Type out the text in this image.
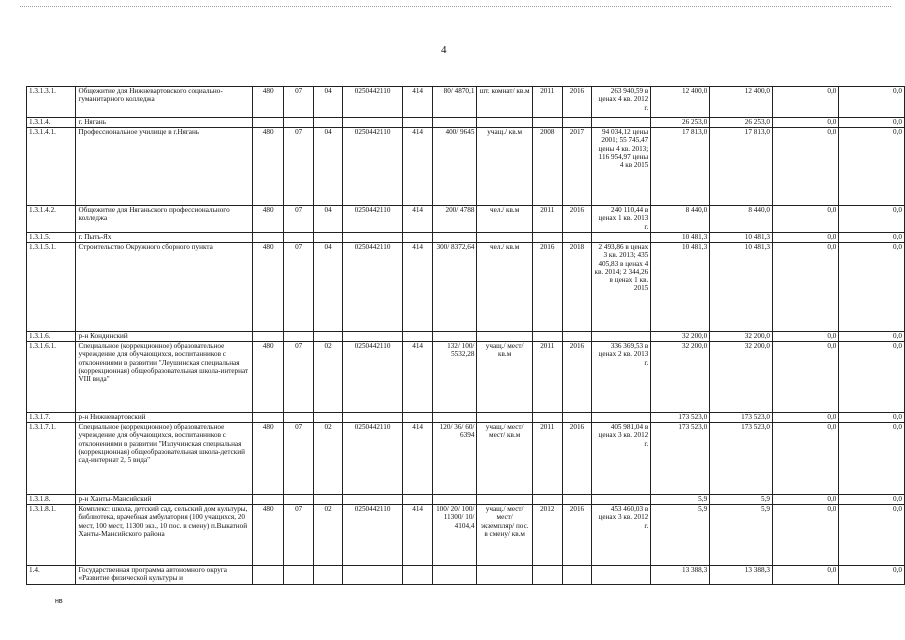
4
1.3.1.3.1.	Общежитие для Нижневартовского социально-гуманитарного колледжа	480	07	04	0250442110	414	80/ 4870,1	шт. комнат/ кв.м	2011	2016	263 940,59 в ценах 4 кв. 2012 г.	12 400,0	12 400,0	0,0	0,0
1.3.1.4.	г. Нягань											26 253,0	26 253,0	0,0	0,0
1.3.1.4.1.	Профессиональное училище в г.Нягань	480	07	04	0250442110	414	400/ 9645	учащ./ кв.м	2008	2017	94 034,12 цены 2001; 55 745,47 цены 4 кв. 2013; 116 954,97 цены 4 кв 2015	17 813,0	17 813,0	0,0	0,0
1.3.1.4.2.	Общежитие для Няганьского профессионального колледжа	480	07	04	0250442110	414	200/ 4788	чел./ кв.м	2011	2016	240 110,44 в ценах 1 кв. 2013 г.	8 440,0	8 440,0	0,0	0,0
1.3.1.5.	г. Пыть-Ях											10 481,3	10 481,3	0,0	0,0
1.3.1.5.1.	Строительство Окружного сборного пункта	480	07	04	0250442110	414	300/ 8372,64	чел./ кв.м	2016	2018	2 493,86 в ценах 3 кв. 2013; 435 405,83 в ценах 4 кв. 2014; 2 344,26 в ценах 1 кв. 2015	10 481,3	10 481,3	0,0	0,0
1.3.1.6.	р-н Кондинский											32 200,0	32 200,0	0,0	0,0
1.3.1.6.1.	Специальное (коррекционное) образовательное учреждение для обучающихся, воспитанников с отклонениями в развитии "Леушинская специальная (коррекционная) общеобразовательная школа-интернат VIII вида"	480	07	02	0250442110	414	132/ 100/ 5532,28	учащ./ мест/ кв.м	2011	2016	336 369,53 в ценах 2 кв. 2013 г.	32 200,0	32 200,0	0,0	0,0
1.3.1.7.	р-н Нижневартовский											173 523,0	173 523,0	0,0	0,0
1.3.1.7.1.	Специальное (коррекционное) образовательное учреждение для обучающихся, воспитанников с отклонениями в развитии "Излучинская специальная (коррекционная) общеобразовательная школа-детский сад-интернат 2, 5 вида"	480	07	02	0250442110	414	120/ 36/ 60/ 6394	учащ./ мест/ мест/ кв.м	2011	2016	405 981,04 в ценах 3 кв. 2012 г.	173 523,0	173 523,0	0,0	0,0
1.3.1.8.	р-н Ханты-Мансийский											5,9	5,9	0,0	0,0
1.3.1.8.1.	Комплекс: школа, детский сад, сельский дом культуры, библиотека, врачебная амбулатория (100 учащихся, 20 мест, 100 мест, 11300 экз., 10 пос. в смену) п.Выкатной Ханты-Мансийского района	480	07	02	0250442110	414	100/ 20/ 100/ 11300/ 10/ 4104,4	учащ./ мест/ мест/ экземпляр/ пос. в смену/ кв.м	2012	2016	453 460,03 в ценах 3 кв. 2012 г.	5,9	5,9	0,0	0,0
1.4.	Государственная программа автономного округа «Развитие физической культуры и											13 388,3	13 388,3	0,0	0,0
нв
